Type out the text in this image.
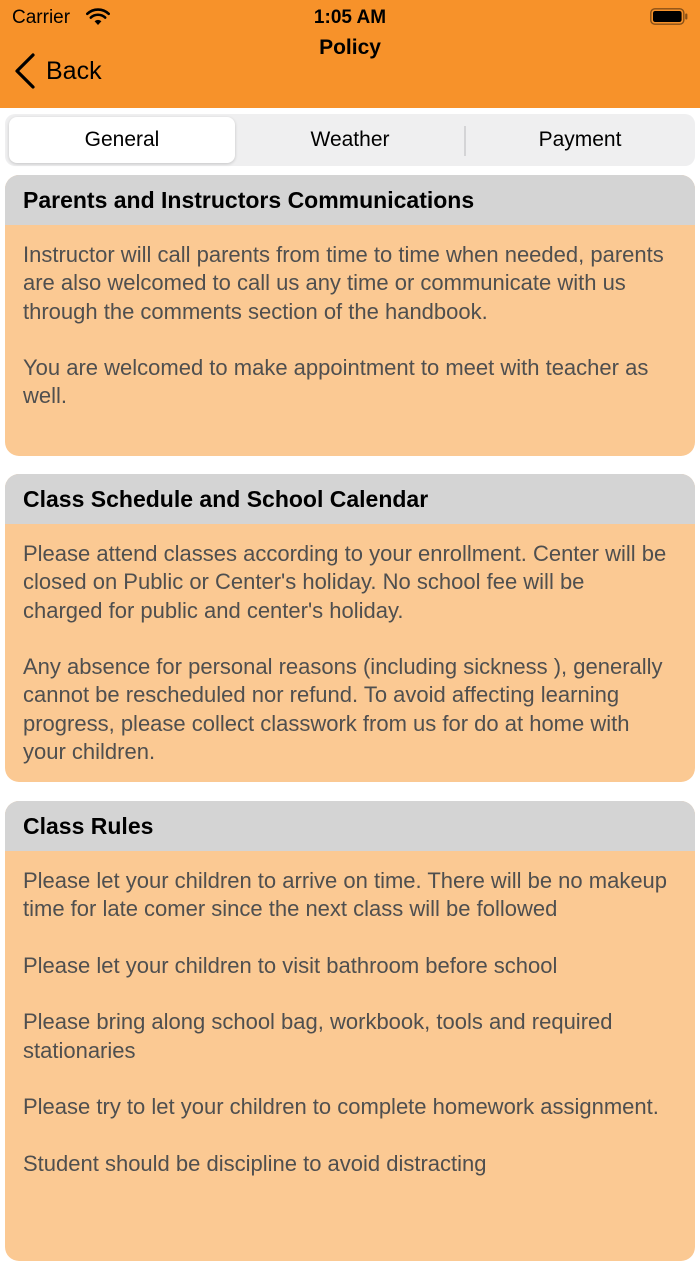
Carrier	1:05 AM
Policy
Back
General	Weather	Payment
Parents and Instructors Communications

Instructor will call parents from time to time when needed, parents are also welcomed to call us any time or communicate with us through the comments section of the handbook.

You are welcomed to make appointment to meet with teacher as well.

Class Schedule and School Calendar

Please attend classes according to your enrollment. Center will be closed on Public or Center's holiday. No school fee will be charged for public and center's holiday.

Any absence for personal reasons (including sickness ), generally cannot be rescheduled nor refund. To avoid affecting learning progress, please collect classwork from us for do at home with your children.

Class Rules

Please let your children to arrive on time. There will be no makeup time for late comer since the next class will be followed

Please let your children to visit bathroom before school

Please bring along school bag, workbook, tools and required stationaries

Please try to let your children to complete homework assignment.

Student should be discipline to avoid distracting
